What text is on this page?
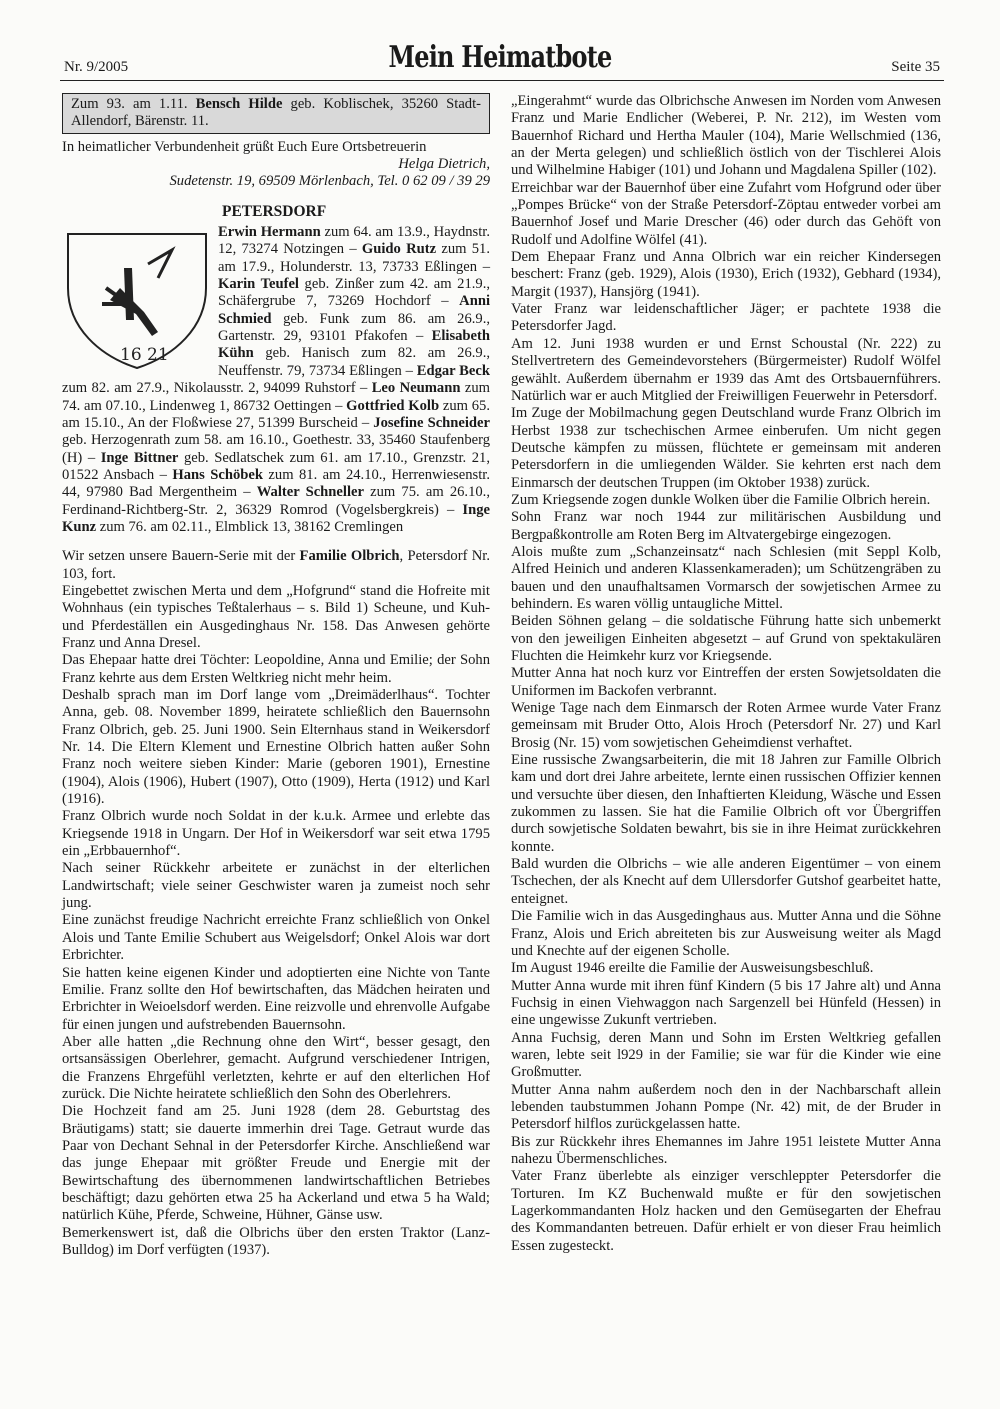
Nr. 9/2005	Mein Heimatbote	Seite 35
Zum 93. am 1.11. Bensch Hilde geb. Koblischek, 35260 Stadt-Allendorf, Bärenstr. 11.

In heimatlicher Verbundenheit grüßt Euch Eure Ortsbetreuerin

Helga Dietrich,

Sudetenstr. 19, 69509 Mörlenbach, Tel. 0 62 09 / 39 29

PETERSDORF
16 21

Erwin Hermann zum 64. am 13.9., Haydnstr. 12, 73274 Notzingen – Guido Rutz zum 51. am 17.9., Holunderstr. 13, 73733 Eßlingen – Karin Teufel geb. Zinßer zum 42. am 21.9., Schäfergrube 7, 73269 Hochdorf – Anni Schmied geb. Funk zum 86. am 26.9., Gartenstr. 29, 93101 Pfakofen – Elisabeth Kühn geb. Hanisch zum 82. am 26.9., Neuffenstr. 79, 73734 Eßlingen – Edgar Beck zum 82. am 27.9., Nikolausstr. 2, 94099 Ruhstorf – Leo Neumann zum 74. am 07.10., Lindenweg 1, 86732 Oettingen – Gottfried Kolb zum 65. am 15.10., An der Floßwiese 27, 51399 Burscheid – Josefine Schneider geb. Herzogenrath zum 58. am 16.10., Goethestr. 33, 35460 Staufenberg (H) – Inge Bittner geb. Sedlatschek zum 61. am 17.10., Grenzstr. 21, 01522 Ansbach – Hans Schöbek zum 81. am 24.10., Herrenwiesenstr. 44, 97980 Bad Mergentheim – Walter Schneller zum 75. am 26.10., Ferdinand-Richtberg-Str. 2, 36329 Romrod (Vogelsbergkreis) – Inge Kunz zum 76. am 02.11., Elmblick 13, 38162 Cremlingen

Wir setzen unsere Bauern-Serie mit der Familie Olbrich, Petersdorf Nr. 103, fort.

Eingebettet zwischen Merta und dem „Hofgrund“ stand die Hofreite mit Wohnhaus (ein typisches Teßtalerhaus – s. Bild 1) Scheune, und Kuh- und Pferdeställen ein Ausgedinghaus Nr. 158. Das Anwesen gehörte Franz und Anna Dresel.

Das Ehepaar hatte drei Töchter: Leopoldine, Anna und Emilie; der Sohn Franz kehrte aus dem Ersten Weltkrieg nicht mehr heim.

Deshalb sprach man im Dorf lange vom „Dreimäderlhaus“. Tochter Anna, geb. 08. November 1899, heiratete schließlich den Bauernsohn Franz Olbrich, geb. 25. Juni 1900. Sein Elternhaus stand in Weikersdorf Nr. 14. Die Eltern Klement und Ernestine Olbrich hatten außer Sohn Franz noch weitere sieben Kinder: Marie (geboren 1901), Ernestine (1904), Alois (1906), Hubert (1907), Otto (1909), Herta (1912) und Karl (1916).

Franz Olbrich wurde noch Soldat in der k.u.k. Armee und erlebte das Kriegsende 1918 in Ungarn. Der Hof in Weikersdorf war seit etwa 1795 ein „Erbbauernhof“.

Nach seiner Rückkehr arbeitete er zunächst in der elterlichen Landwirtschaft; viele seiner Geschwister waren ja zumeist noch sehr jung.

Eine zunächst freudige Nachricht erreichte Franz schließlich von Onkel Alois und Tante Emilie Schubert aus Weigelsdorf; Onkel Alois war dort Erbrichter.

Sie hatten keine eigenen Kinder und adoptierten eine Nichte von Tante Emilie. Franz sollte den Hof bewirtschaften, das Mädchen heiraten und Erbrichter in Weioelsdorf werden. Eine reizvolle und ehrenvolle Aufgabe für einen jungen und aufstrebenden Bauernsohn.

Aber alle hatten „die Rechnung ohne den Wirt“, besser gesagt, den ortsansässigen Oberlehrer, gemacht. Aufgrund verschiedener Intrigen, die Franzens Ehrgefühl verletzten, kehrte er auf den elterlichen Hof zurück. Die Nichte heiratete schließlich den Sohn des Oberlehrers.

Die Hochzeit fand am 25. Juni 1928 (dem 28. Geburtstag des Bräutigams) statt; sie dauerte immerhin drei Tage. Getraut wurde das Paar von Dechant Sehnal in der Petersdorfer Kirche. Anschließend war das junge Ehepaar mit größter Freude und Energie mit der Bewirtschaftung des übernommenen landwirtschaftlichen Betriebes beschäftigt; dazu gehörten etwa 25 ha Ackerland und etwa 5 ha Wald; natürlich Kühe, Pferde, Schweine, Hühner, Gänse usw.

Bemerkenswert ist, daß die Olbrichs über den ersten Traktor (Lanz-Bulldog) im Dorf verfügten (1937).

„Eingerahmt“ wurde das Olbrichsche Anwesen im Norden vom Anwesen Franz und Marie Endlicher (Weberei, P. Nr. 212), im Westen vom Bauernhof Richard und Hertha Mauler (104), Marie Wellschmied (136, an der Merta gelegen) und schließlich östlich von der Tischlerei Alois und Wilhelmine Habiger (101) und Johann und Magdalena Spiller (102).

Erreichbar war der Bauernhof über eine Zufahrt vom Hofgrund oder über „Pompes Brücke“ von der Straße Petersdorf-Zöptau entweder vorbei am Bauernhof Josef und Marie Drescher (46) oder durch das Gehöft von Rudolf und Adolfine Wölfel (41).

Dem Ehepaar Franz und Anna Olbrich war ein reicher Kindersegen beschert: Franz (geb. 1929), Alois (1930), Erich (1932), Gebhard (1934), Margit (1937), Hansjörg (1941).

Vater Franz war leidenschaftlicher Jäger; er pachtete 1938 die Petersdorfer Jagd.

Am 12. Juni 1938 wurden er und Ernst Schoustal (Nr. 222) zu Stellvertretern des Gemeindevorstehers (Bürgermeister) Rudolf Wölfel gewählt. Außerdem übernahm er 1939 das Amt des Ortsbauernführers. Natürlich war er auch Mitglied der Freiwilligen Feuerwehr in Petersdorf.

Im Zuge der Mobilmachung gegen Deutschland wurde Franz Olbrich im Herbst 1938 zur tschechischen Armee einberufen. Um nicht gegen Deutsche kämpfen zu müssen, flüchtete er gemeinsam mit anderen Petersdorfern in die umliegenden Wälder. Sie kehrten erst nach dem Einmarsch der deutschen Truppen (im Oktober 1938) zurück.

Zum Kriegsende zogen dunkle Wolken über die Familie Olbrich herein.

Sohn Franz war noch 1944 zur militärischen Ausbildung und Bergpaßkontrolle am Roten Berg im Altvatergebirge eingezogen.

Alois mußte zum „Schanzeinsatz“ nach Schlesien (mit Seppl Kolb, Alfred Heinich und anderen Klassenkameraden); um Schützengräben zu bauen und den unaufhaltsamen Vormarsch der sowjetischen Armee zu behindern. Es waren völlig untaugliche Mittel.

Beiden Söhnen gelang – die soldatische Führung hatte sich unbemerkt von den jeweiligen Einheiten abgesetzt – auf Grund von spektakulären Fluchten die Heimkehr kurz vor Kriegsende.

Mutter Anna hat noch kurz vor Eintreffen der ersten Sowjetsoldaten die Uniformen im Backofen verbrannt.

Wenige Tage nach dem Einmarsch der Roten Armee wurde Vater Franz gemeinsam mit Bruder Otto, Alois Hroch (Petersdorf Nr. 27) und Karl Brosig (Nr. 15) vom sowjetischen Geheimdienst verhaftet.

Eine russische Zwangsarbeiterin, die mit 18 Jahren zur Famille Olbrich kam und dort drei Jahre arbeitete, lernte einen russischen Offizier kennen und versuchte über diesen, den Inhaftierten Kleidung, Wäsche und Essen zukommen zu lassen. Sie hat die Familie Olbrich oft vor Übergriffen durch sowjetische Soldaten bewahrt, bis sie in ihre Heimat zurückkehren konnte.

Bald wurden die Olbrichs – wie alle anderen Eigentümer – von einem Tschechen, der als Knecht auf dem Ullersdorfer Gutshof gearbeitet hatte, enteignet.

Die Familie wich in das Ausgedinghaus aus. Mutter Anna und die Söhne Franz, Alois und Erich abreiteten bis zur Ausweisung weiter als Magd und Knechte auf der eigenen Scholle.

Im August 1946 ereilte die Familie der Ausweisungsbeschluß.

Mutter Anna wurde mit ihren fünf Kindern (5 bis 17 Jahre alt) und Anna Fuchsig in einen Viehwaggon nach Sargenzell bei Hünfeld (Hessen) in eine ungewisse Zukunft vertrieben.

Anna Fuchsig, deren Mann und Sohn im Ersten Weltkrieg gefallen waren, lebte seit l929 in der Familie; sie war für die Kinder wie eine Großmutter.

Mutter Anna nahm außerdem noch den in der Nachbarschaft allein lebenden taubstummen Johann Pompe (Nr. 42) mit, de der Bruder in Petersdorf hilflos zurückgelassen hatte.

Bis zur Rückkehr ihres Ehemannes im Jahre 1951 leistete Mutter Anna nahezu Übermenschliches.

Vater Franz überlebte als einziger verschleppter Petersdorfer die Torturen. Im KZ Buchenwald mußte er für den sowjetischen Lagerkommandanten Holz hacken und den Gemüsegarten der Ehefrau des Kommandanten betreuen. Dafür erhielt er von dieser Frau heimlich Essen zugesteckt.
